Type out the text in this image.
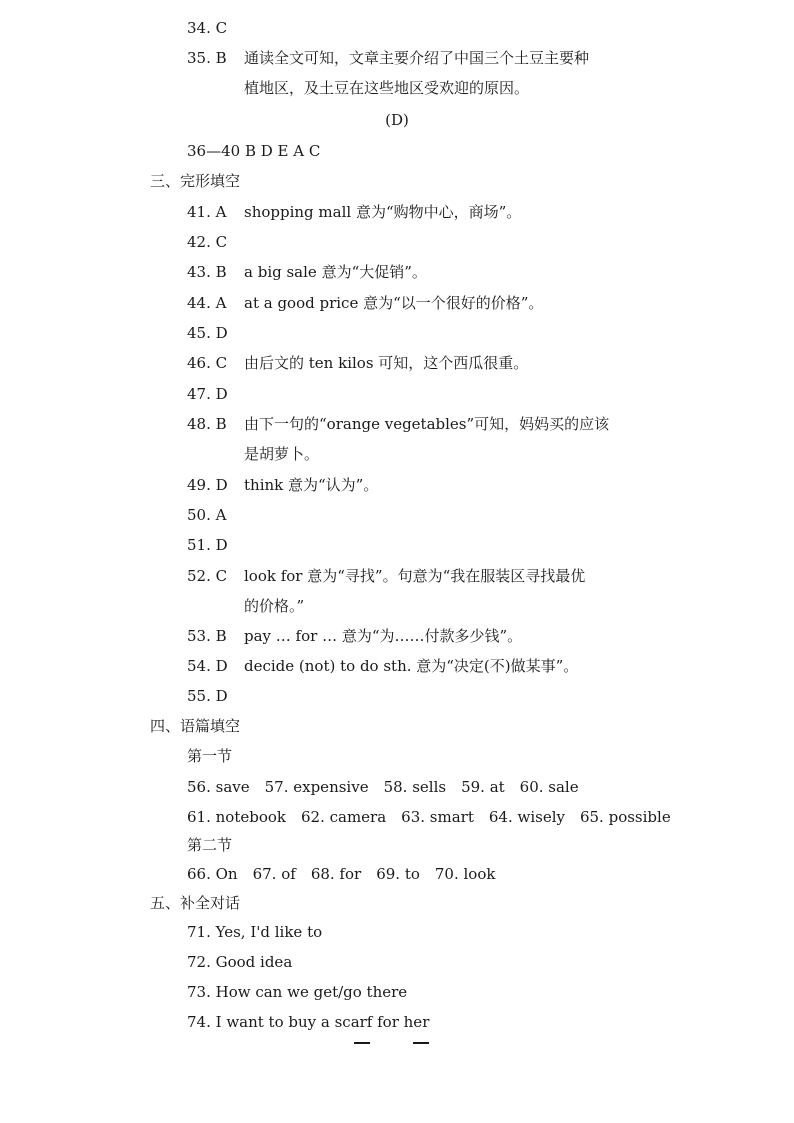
34. C
35. B 通读全文可知，文章主要介绍了中国三个土豆主要种
植地区，及土豆在这些地区受欢迎的原因。
(D)
36—40 B D E A C
三、完形填空
41. A shopping mall 意为“购物中心，商场”。
42. C
43. B a big sale 意为“大促销”。
44. A at a good price 意为“以一个很好的价格”。
45. D
46. C 由后文的 ten kilos 可知，这个西瓜很重。
47. D
48. B 由下一句的“orange vegetables”可知，妈妈买的应该
是胡萝卜。
49. D think 意为“认为”。
50. A
51. D
52. C look for 意为“寻找”。句意为“我在服装区寻找最优
的价格。”
53. B pay … for … 意为“为……付款多少钱”。
54. D decide (not) to do sth. 意为“决定(不)做某事”。
55. D
四、语篇填空
第一节
56. save 57. expensive 58. sells 59. at 60. sale
61. notebook 62. camera 63. smart 64. wisely 65. possible
第二节
66. On 67. of 68. for 69. to 70. look
五、补全对话
71. Yes, I'd like to
72. Good idea
73. How can we get/go there
74. I want to buy a scarf for her
